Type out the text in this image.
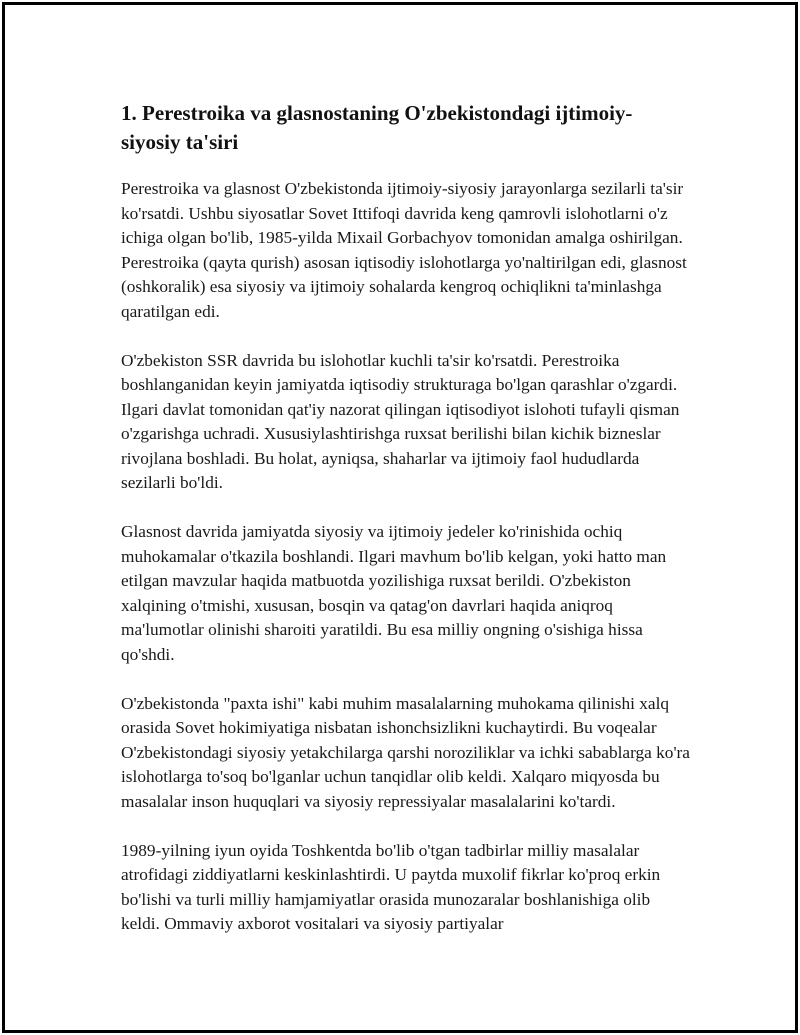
1. Perestroika va glasnostaning O'zbekistondagi ijtimoiy-siyosiy ta'siri

Perestroika va glasnost O'zbekistonda ijtimoiy-siyosiy jarayonlarga sezilarli ta'sir ko'rsatdi. Ushbu siyosatlar Sovet Ittifoqi davrida keng qamrovli islohotlarni o'z ichiga olgan bo'lib, 1985-yilda Mixail Gorbachyov tomonidan amalga oshirilgan. Perestroika (qayta qurish) asosan iqtisodiy islohotlarga yo'naltirilgan edi, glasnost (oshkoralik) esa siyosiy va ijtimoiy sohalarda kengroq ochiqlikni ta'minlashga qaratilgan edi.

O'zbekiston SSR davrida bu islohotlar kuchli ta'sir ko'rsatdi. Perestroika boshlanganidan keyin jamiyatda iqtisodiy strukturaga bo'lgan qarashlar o'zgardi. Ilgari davlat tomonidan qat'iy nazorat qilingan iqtisodiyot islohoti tufayli qisman o'zgarishga uchradi. Xususiylashtirishga ruxsat berilishi bilan kichik bizneslar rivojlana boshladi. Bu holat, ayniqsa, shaharlar va ijtimoiy faol hududlarda sezilarli bo'ldi.

Glasnost davrida jamiyatda siyosiy va ijtimoiy jedeler ko'rinishida ochiq muhokamalar o'tkazila boshlandi. Ilgari mavhum bo'lib kelgan, yoki hatto man etilgan mavzular haqida matbuotda yozilishiga ruxsat berildi. O'zbekiston xalqining o'tmishi, xususan, bosqin va qatag'on davrlari haqida aniqroq ma'lumotlar olinishi sharoiti yaratildi. Bu esa milliy ongning o'sishiga hissa qo'shdi.

O'zbekistonda "paxta ishi" kabi muhim masalalarning muhokama qilinishi xalq orasida Sovet hokimiyatiga nisbatan ishonchsizlikni kuchaytirdi. Bu voqealar O'zbekistondagi siyosiy yetakchilarga qarshi noroziliklar va ichki sabablarga ko'ra islohotlarga to'soq bo'lganlar uchun tanqidlar olib keldi. Xalqaro miqyosda bu masalalar inson huquqlari va siyosiy repressiyalar masalalarini ko'tardi.

1989-yilning iyun oyida Toshkentda bo'lib o'tgan tadbirlar milliy masalalar atrofidagi ziddiyatlarni keskinlashtirdi. U paytda muxolif fikrlar ko'proq erkin bo'lishi va turli milliy hamjamiyatlar orasida munozaralar boshlanishiga olib keldi. Ommaviy axborot vositalari va siyosiy partiyalar
